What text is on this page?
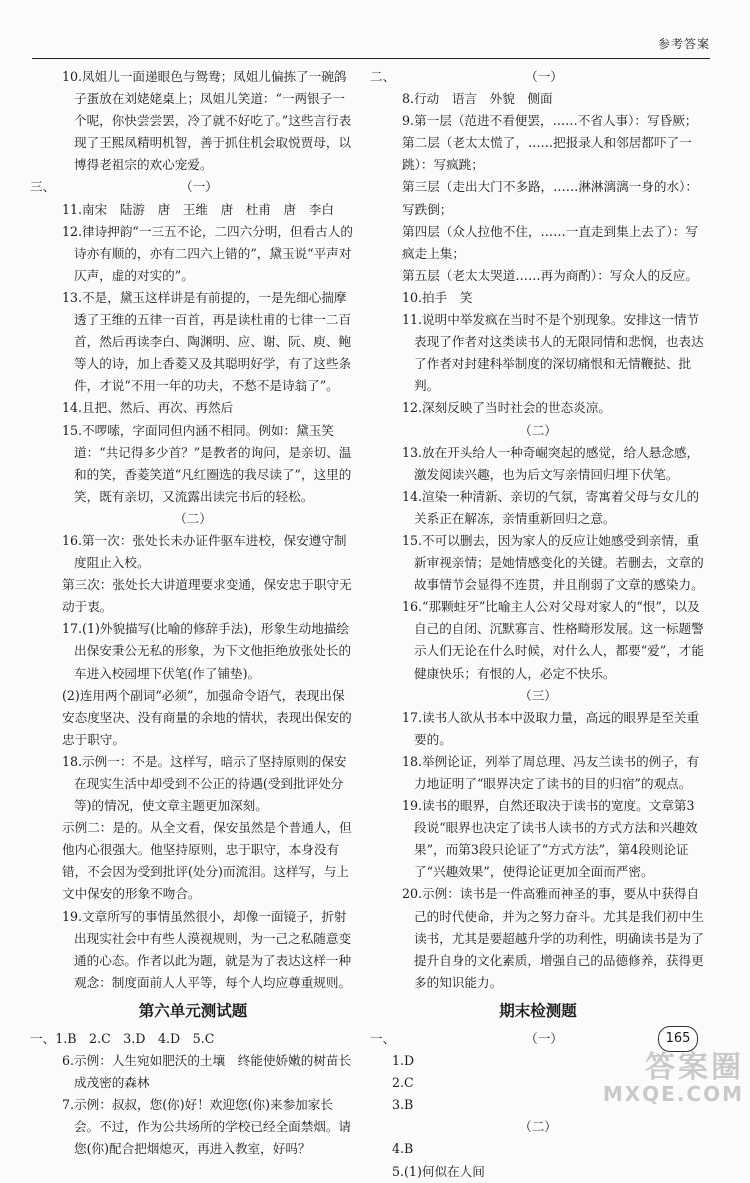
参考答案
10.凤姐儿一面递眼色与鸳鸯；凤姐儿偏拣了一碗鸽子蛋放在刘姥姥桌上；凤姐儿笑道：“一两银子一个呢，你快尝尝罢，冷了就不好吃了。”这些言行表现了王熙凤精明机智，善于抓住机会取悦贾母，以博得老祖宗的欢心宠爱。
三、	（一）
11.南宋　陆游　唐　王维　唐　杜甫　唐　李白
12.律诗押韵“一三五不论，二四六分明，但看古人的诗亦有顺的，亦有二四六上错的”，黛玉说“平声对仄声，虚的对实的”。
13.不是，黛玉这样讲是有前提的，一是先细心揣摩透了王维的五律一百首，再是读杜甫的七律一二百首，然后再读李白、陶渊明、应、谢、阮、庾、鲍等人的诗，加上香菱又及其聪明好学，有了这些条件，才说“不用一年的功夫，不愁不是诗翁了”。
14.且把、然后、再次、再然后
15.不啰嗦，字面同但内涵不相同。例如：黛玉笑道：“共记得多少首？”是教者的询问，是亲切、温和的笑，香菱笑道“凡红圈选的我尽读了”，这里的笑，既有亲切，又流露出读完书后的轻松。
（二）
16.第一次：张处长未办证件驱车进校，保安遵守制度阻止入校。
第三次：张处长大讲道理要求变通，保安忠于职守无动于衷。
17.(1)外貌描写(比喻的修辞手法)，形象生动地描绘出保安秉公无私的形象，为下文他拒绝放张处长的车进入校园埋下伏笔(作了铺垫)。
(2)连用两个副词“必须”，加强命令语气，表现出保安态度坚决、没有商量的余地的情状，表现出保安的忠于职守。
18.示例一：不是。这样写，暗示了坚持原则的保安在现实生活中却受到不公正的待遇(受到批评处分等)的情况，使文章主题更加深刻。
示例二：是的。从全文看，保安虽然是个普通人，但他内心很强大。他坚持原则，忠于职守，本身没有错，不会因为受到批评(处分)而流泪。这样写，与上文中保安的形象不吻合。
19.文章所写的事情虽然很小，却像一面镜子，折射出现实社会中有些人漠视规则，为一己之私随意变通的心态。作者以此为题，就是为了表达这样一种观念：制度面前人人平等，每个人均应尊重规则。
第六单元测试题
一、 1.B　2.C　3.D　4.D　5.C
6.示例：人生宛如肥沃的土壤　终能使娇嫩的树苗长成茂密的森林
7.示例：叔叔，您(你)好！欢迎您(你)来参加家长会。不过，作为公共场所的学校已经全面禁烟。请您(你)配合把烟熄灭，再进入教室，好吗？
二、	（一）
8.行动　语言　外貌　侧面
9.第一层（范进不看便罢，……不省人事）：写昏厥；
第二层（老太太慌了，……把报录人和邻居都吓了一跳）：写疯跳；
第三层（走出大门不多路，……淋淋漓漓一身的水）：写跌倒；
第四层（众人拉他不住，……一直走到集上去了）：写疯走上集；
第五层（老太太哭道……再为商酌）：写众人的反应。
10.拍手　笑
11.说明中举发疯在当时不是个别现象。安排这一情节表现了作者对这类读书人的无限同情和悲悯，也表达了作者对封建科举制度的深切痛恨和无情鞭挞、批判。
12.深刻反映了当时社会的世态炎凉。
（二）
13.放在开头给人一种奇崛突起的感觉，给人悬念感，激发阅读兴趣，也为后文写亲情回归埋下伏笔。
14.渲染一种清新、亲切的气氛，寄寓着父母与女儿的关系正在解冻，亲情重新回归之意。
15.不可以删去，因为家人的反应让她感受到亲情，重新审视亲情；是她情感变化的关键。若删去，文章的故事情节会显得不连贯，并且削弱了文章的感染力。
16.“那颗蛀牙”比喻主人公对父母对家人的“恨”，以及自己的自闭、沉默寡言、性格畸形发展。这一标题警示人们无论在什么时候，对什么人，都要“爱”，才能健康快乐；有恨的人，必定不快乐。
（三）
17.读书人欲从书本中汲取力量，高远的眼界是至关重要的。
18.举例论证，列举了周总理、冯友兰读书的例子，有力地证明了“眼界决定了读书的目的归宿”的观点。
19.读书的眼界，自然还取决于读书的宽度。文章第3段说“眼界也决定了读书人读书的方式方法和兴趣效果”，而第3段只论证了“方式方法”，第4段则论证了“兴趣效果”，使得论证更加全面而严密。
20.示例：读书是一件高雅而神圣的事，要从中获得自己的时代使命，并为之努力奋斗。尤其是我们初中生读书，尤其是要超越升学的功利性，明确读书是为了提升自身的文化素质，增强自己的品德修养，获得更多的知识能力。
期末检测题
一、	（一）
1.D
2.C
3.B
（二）
4.B
5.(1)何似在人间
165
答案圈
MXQE.COM
